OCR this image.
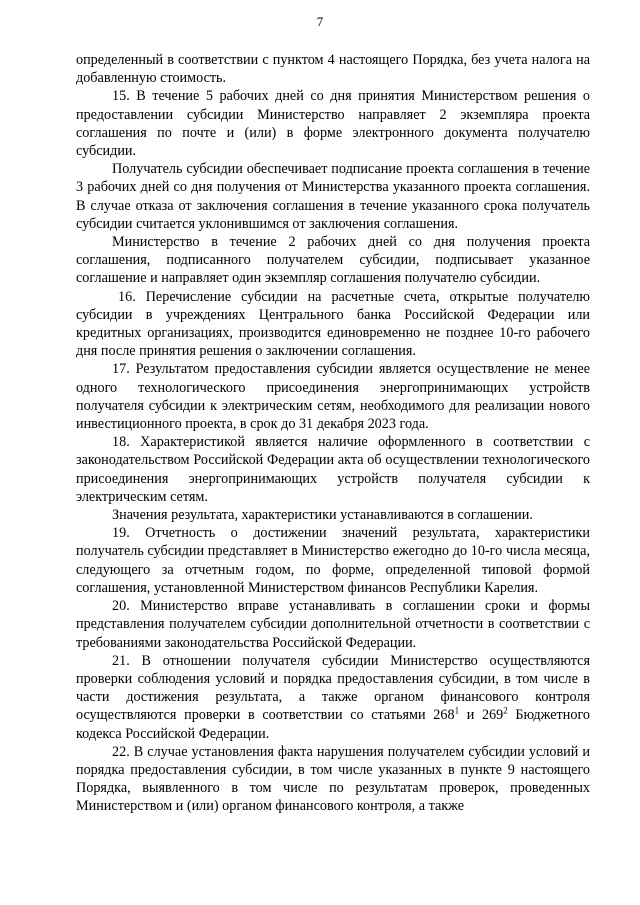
7

определенный в соответствии с пунктом 4 настоящего Порядка, без учета налога на добавленную стоимость.

15. В течение 5 рабочих дней со дня принятия Министерством решения о предоставлении субсидии Министерство направляет 2 экземпляра проекта соглашения по почте и (или) в форме электронного документа получателю субсидии.

Получатель субсидии обеспечивает подписание проекта соглашения в течение 3 рабочих дней со дня получения от Министерства указанного проекта соглашения. В случае отказа от заключения соглашения в течение указанного срока получатель субсидии считается уклонившимся от заключения соглашения.

Министерство в течение 2 рабочих дней со дня получения проекта соглашения, подписанного получателем субсидии, подписывает указанное соглашение и направляет один экземпляр соглашения получателю субсидии.

16. Перечисление субсидии на расчетные счета, открытые получателю субсидии в учреждениях Центрального банка Российской Федерации или кредитных организациях, производится единовременно не позднее 10-го рабочего дня после принятия решения о заключении соглашения.

17. Результатом предоставления субсидии является осуществление не менее одного технологического присоединения энергопринимающих устройств получателя субсидии к электрическим сетям, необходимого для реализации нового инвестиционного проекта, в срок до 31 декабря 2023 года.

18. Характеристикой является наличие оформленного в соответствии с законодательством Российской Федерации акта об осуществлении технологического присоединения энергопринимающих устройств получателя субсидии к электрическим сетям.

Значения результата, характеристики устанавливаются в соглашении.

19. Отчетность о достижении значений результата, характеристики получатель субсидии представляет в Министерство ежегодно до 10-го числа месяца, следующего за отчетным годом, по форме, определенной типовой формой соглашения, установленной Министерством финансов Республики Карелия.

20. Министерство вправе устанавливать в соглашении сроки и формы представления получателем субсидии дополнительной отчетности в соответствии с требованиями законодательства Российской Федерации.

21. В отношении получателя субсидии Министерство осуществляются проверки соблюдения условий и порядка предоставления субсидии, в том числе в части достижения результата, а также органом финансового контроля осуществляются проверки в соответствии со статьями $268^1$ и $269^2$ Бюджетного кодекса Российской Федерации.

22. В случае установления факта нарушения получателем субсидии условий и порядка предоставления субсидии, в том числе указанных в пункте 9 настоящего Порядка, выявленного в том числе по результатам проверок, проведенных Министерством и (или) органом финансового контроля, а также
